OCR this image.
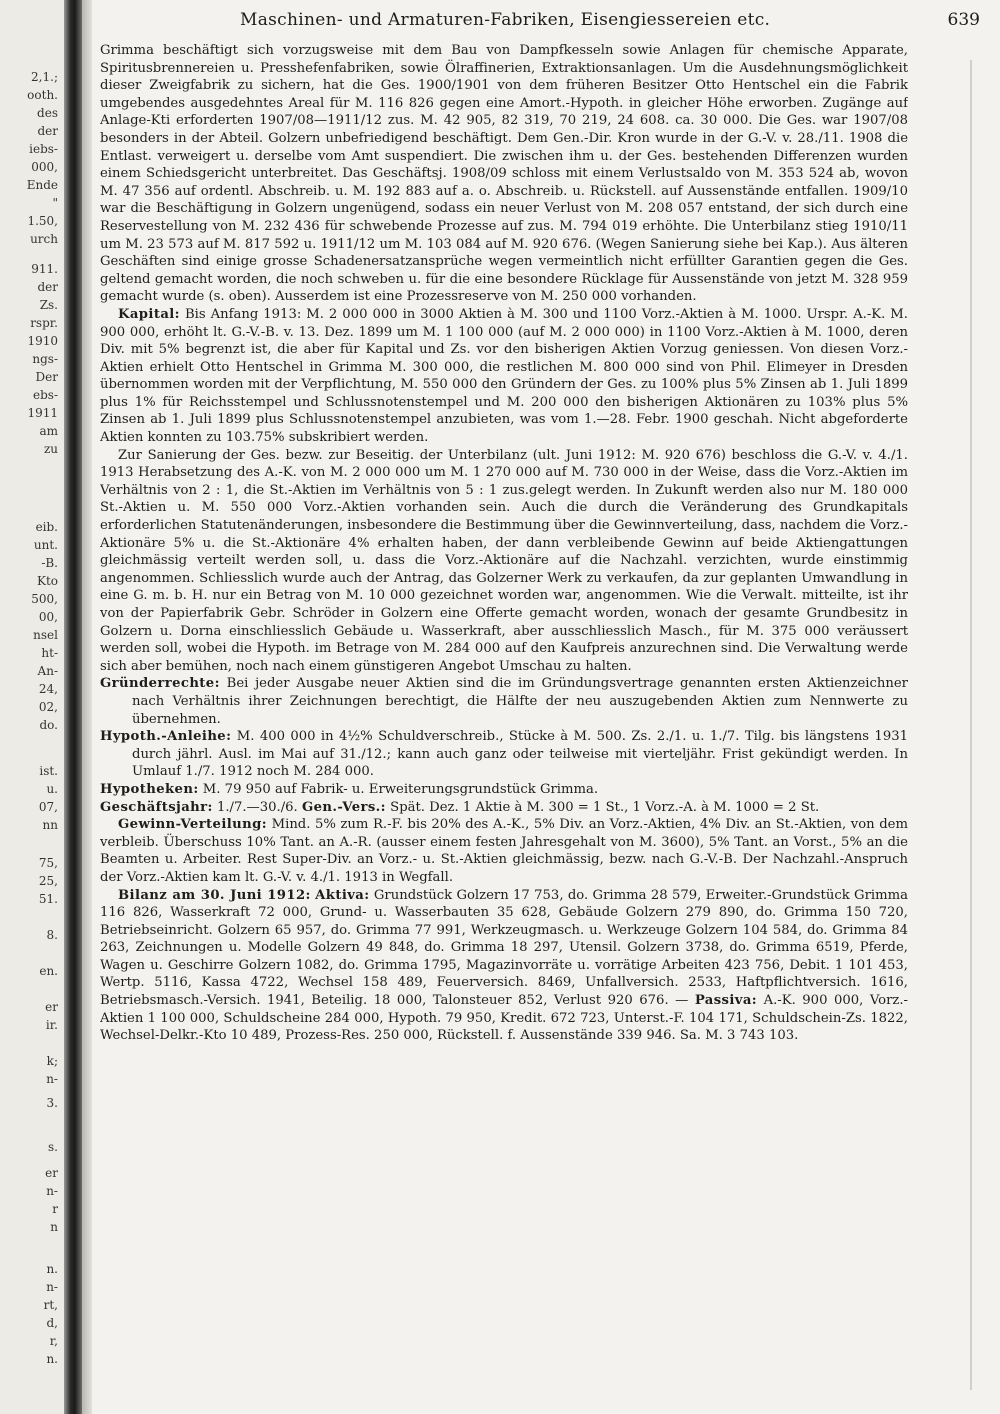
2,1.;
ooth.
des
der
iebs-
000,
Ende
"
1.50,
urch
911.
der
Zs.
rspr.
1910
ngs-
Der
ebs-
1911
am
zu
eib.
unt.
-B.
Kto
500,
00,
nsel
ht-
An-
24,
02,
do.
ist.
u.
07,
nn
75,
25,
51.
8.
en.
er
ir.
k;
n-
s.
er
n-
r
n
n.
n-
rt,
d,
r,
n.
3.
Maschinen- und Armaturen-Fabriken, Eisengiessereien etc.	639

Grimma beschäftigt sich vorzugsweise mit dem Bau von Dampfkesseln sowie Anlagen für chemische Apparate, Spiritusbrennereien u. Presshefenfabriken, sowie Ölraffinerien, Extraktionsanlagen. Um die Ausdehnungsmöglichkeit dieser Zweigfabrik zu sichern, hat die Ges. 1900/1901 von dem früheren Besitzer Otto Hentschel ein die Fabrik umgebendes ausgedehntes Areal für M. 116 826 gegen eine Amort.-Hypoth. in gleicher Höhe erworben. Zugänge auf Anlage-Kti erforderten 1907/08—1911/12 zus. M. 42 905, 82 319, 70 219, 24 608. ca. 30 000. Die Ges. war 1907/08 besonders in der Abteil. Golzern unbefriedigend beschäftigt. Dem Gen.-Dir. Kron wurde in der G.-V. v. 28./11. 1908 die Entlast. verweigert u. derselbe vom Amt suspendiert. Die zwischen ihm u. der Ges. bestehenden Differenzen wurden einem Schiedsgericht unterbreitet. Das Geschäftsj. 1908/09 schloss mit einem Verlustsaldo von M. 353 524 ab, wovon M. 47 356 auf ordentl. Abschreib. u. M. 192 883 auf a. o. Abschreib. u. Rückstell. auf Aussenstände entfallen. 1909/10 war die Beschäftigung in Golzern ungenügend, sodass ein neuer Verlust von M. 208 057 entstand, der sich durch eine Reservestellung von M. 232 436 für schwebende Prozesse auf zus. M. 794 019 erhöhte. Die Unterbilanz stieg 1910/11 um M. 23 573 auf M. 817 592 u. 1911/12 um M. 103 084 auf M. 920 676. (Wegen Sanierung siehe bei Kap.). Aus älteren Geschäften sind einige grosse Schadenersatzansprüche wegen vermeintlich nicht erfüllter Garantien gegen die Ges. geltend gemacht worden, die noch schweben u. für die eine besondere Rücklage für Aussenstände von jetzt M. 328 959 gemacht wurde (s. oben). Ausserdem ist eine Prozessreserve von M. 250 000 vorhanden.

Kapital: Bis Anfang 1913: M. 2 000 000 in 3000 Aktien à M. 300 und 1100 Vorz.-Aktien à M. 1000. Urspr. A.-K. M. 900 000, erhöht lt. G.-V.-B. v. 13. Dez. 1899 um M. 1 100 000 (auf M. 2 000 000) in 1100 Vorz.-Aktien à M. 1000, deren Div. mit 5% begrenzt ist, die aber für Kapital und Zs. vor den bisherigen Aktien Vorzug geniessen. Von diesen Vorz.-Aktien erhielt Otto Hentschel in Grimma M. 300 000, die restlichen M. 800 000 sind von Phil. Elimeyer in Dresden übernommen worden mit der Verpflichtung, M. 550 000 den Gründern der Ges. zu 100% plus 5% Zinsen ab 1. Juli 1899 plus 1% für Reichsstempel und Schlussnotenstempel und M. 200 000 den bisherigen Aktionären zu 103% plus 5% Zinsen ab 1. Juli 1899 plus Schlussnotenstempel anzubieten, was vom 1.—28. Febr. 1900 geschah. Nicht abgeforderte Aktien konnten zu 103.75% subskribiert werden.

Zur Sanierung der Ges. bezw. zur Beseitig. der Unterbilanz (ult. Juni 1912: M. 920 676) beschloss die G.-V. v. 4./1. 1913 Herabsetzung des A.-K. von M. 2 000 000 um M. 1 270 000 auf M. 730 000 in der Weise, dass die Vorz.-Aktien im Verhältnis von 2 : 1, die St.-Aktien im Verhältnis von 5 : 1 zus.gelegt werden. In Zukunft werden also nur M. 180 000 St.-Aktien u. M. 550 000 Vorz.-Aktien vorhanden sein. Auch die durch die Veränderung des Grundkapitals erforderlichen Statutenänderungen, insbesondere die Bestimmung über die Gewinnverteilung, dass, nachdem die Vorz.-Aktionäre 5% u. die St.-Aktionäre 4% erhalten haben, der dann verbleibende Gewinn auf beide Aktiengattungen gleichmässig verteilt werden soll, u. dass die Vorz.-Aktionäre auf die Nachzahl. verzichten, wurde einstimmig angenommen. Schliesslich wurde auch der Antrag, das Golzerner Werk zu verkaufen, da zur geplanten Umwandlung in eine G. m. b. H. nur ein Betrag von M. 10 000 gezeichnet worden war, angenommen. Wie die Verwalt. mitteilte, ist ihr von der Papierfabrik Gebr. Schröder in Golzern eine Offerte gemacht worden, wonach der gesamte Grundbesitz in Golzern u. Dorna einschliesslich Gebäude u. Wasserkraft, aber ausschliesslich Masch., für M. 375 000 veräussert werden soll, wobei die Hypoth. im Betrage von M. 284 000 auf den Kaufpreis anzurechnen sind. Die Verwaltung werde sich aber bemühen, noch nach einem günstigeren Angebot Umschau zu halten.

Gründerrechte: Bei jeder Ausgabe neuer Aktien sind die im Gründungsvertrage genannten ersten Aktienzeichner nach Verhältnis ihrer Zeichnungen berechtigt, die Hälfte der neu auszugebenden Aktien zum Nennwerte zu übernehmen.

Hypoth.-Anleihe: M. 400 000 in 4½% Schuldverschreib., Stücke à M. 500. Zs. 2./1. u. 1./7. Tilg. bis längstens 1931 durch jährl. Ausl. im Mai auf 31./12.; kann auch ganz oder teilweise mit vierteljähr. Frist gekündigt werden. In Umlauf 1./7. 1912 noch M. 284 000.

Hypotheken: M. 79 950 auf Fabrik- u. Erweiterungsgrundstück Grimma.

Geschäftsjahr: 1./7.—30./6. Gen.-Vers.: Spät. Dez. 1 Aktie à M. 300 = 1 St., 1 Vorz.-A. à M. 1000 = 2 St.

Gewinn-Verteilung: Mind. 5% zum R.-F. bis 20% des A.-K., 5% Div. an Vorz.-Aktien, 4% Div. an St.-Aktien, von dem verbleib. Überschuss 10% Tant. an A.-R. (ausser einem festen Jahresgehalt von M. 3600), 5% Tant. an Vorst., 5% an die Beamten u. Arbeiter. Rest Super-Div. an Vorz.- u. St.-Aktien gleichmässig, bezw. nach G.-V.-B. Der Nachzahl.-Anspruch der Vorz.-Aktien kam lt. G.-V. v. 4./1. 1913 in Wegfall.

Bilanz am 30. Juni 1912: Aktiva: Grundstück Golzern 17 753, do. Grimma 28 579, Erweiter.-Grundstück Grimma 116 826, Wasserkraft 72 000, Grund- u. Wasserbauten 35 628, Gebäude Golzern 279 890, do. Grimma 150 720, Betriebseinricht. Golzern 65 957, do. Grimma 77 991, Werkzeugmasch. u. Werkzeuge Golzern 104 584, do. Grimma 84 263, Zeichnungen u. Modelle Golzern 49 848, do. Grimma 18 297, Utensil. Golzern 3738, do. Grimma 6519, Pferde, Wagen u. Geschirre Golzern 1082, do. Grimma 1795, Magazinvorräte u. vorrätige Arbeiten 423 756, Debit. 1 101 453, Wertp. 5116, Kassa 4722, Wechsel 158 489, Feuerversich. 8469, Unfallversich. 2533, Haftpflichtversich. 1616, Betriebsmasch.-Versich. 1941, Beteilig. 18 000, Talonsteuer 852, Verlust 920 676. — Passiva: A.-K. 900 000, Vorz.-Aktien 1 100 000, Schuldscheine 284 000, Hypoth. 79 950, Kredit. 672 723, Unterst.-F. 104 171, Schuldschein-Zs. 1822, Wechsel-Delkr.-Kto 10 489, Prozess-Res. 250 000, Rückstell. f. Aussenstände 339 946. Sa. M. 3 743 103.
